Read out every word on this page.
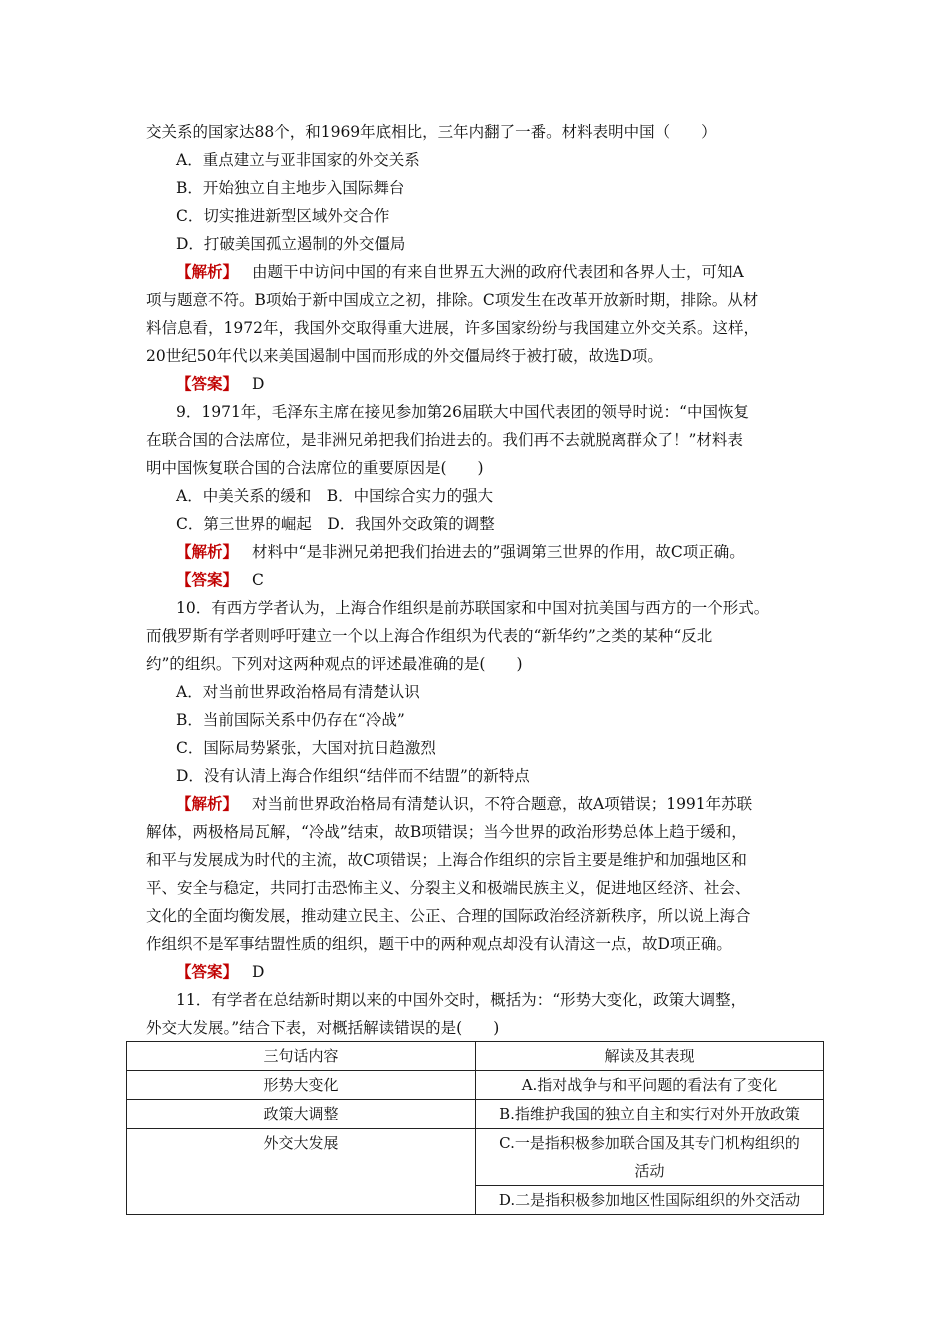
交关系的国家达88个，和1969年底相比，三年内翻了一番。材料表明中国（　　）
A．重点建立与亚非国家的外交关系
B．开始独立自主地步入国际舞台
C．切实推进新型区域外交合作
D．打破美国孤立遏制的外交僵局
【解析】 由题干中访问中国的有来自世界五大洲的政府代表团和各界人士，可知A
项与题意不符。B项始于新中国成立之初，排除。C项发生在改革开放新时期，排除。从材
料信息看，1972年，我国外交取得重大进展，许多国家纷纷与我国建立外交关系。这样，
20世纪50年代以来美国遏制中国而形成的外交僵局终于被打破，故选D项。
【答案】 D
9．1971年，毛泽东主席在接见参加第26届联大中国代表团的领导时说：“中国恢复
在联合国的合法席位，是非洲兄弟把我们抬进去的。我们再不去就脱离群众了！”材料表
明中国恢复联合国的合法席位的重要原因是(　　)
A．中美关系的缓和　B．中国综合实力的强大
C．第三世界的崛起　D．我国外交政策的调整
【解析】 材料中“是非洲兄弟把我们抬进去的”强调第三世界的作用，故C项正确。
【答案】 C
10．有西方学者认为，上海合作组织是前苏联国家和中国对抗美国与西方的一个形式。
而俄罗斯有学者则呼吁建立一个以上海合作组织为代表的“新华约”之类的某种“反北
约”的组织。下列对这两种观点的评述最准确的是(　　)
A．对当前世界政治格局有清楚认识
B．当前国际关系中仍存在“冷战”
C．国际局势紧张，大国对抗日趋激烈
D．没有认清上海合作组织“结伴而不结盟”的新特点
【解析】 对当前世界政治格局有清楚认识，不符合题意，故A项错误；1991年苏联
解体，两极格局瓦解，“冷战”结束，故B项错误；当今世界的政治形势总体上趋于缓和，
和平与发展成为时代的主流，故C项错误；上海合作组织的宗旨主要是维护和加强地区和
平、安全与稳定，共同打击恐怖主义、分裂主义和极端民族主义，促进地区经济、社会、
文化的全面均衡发展，推动建立民主、公正、合理的国际政治经济新秩序，所以说上海合
作组织不是军事结盟性质的组织，题干中的两种观点却没有认清这一点，故D项正确。
【答案】 D
11．有学者在总结新时期以来的中国外交时，概括为：“形势大变化，政策大调整，
外交大发展。”结合下表，对概括解读错误的是(　　)
三句话内容	解读及其表现
形势大变化	A.指对战争与和平问题的看法有了变化
政策大调整	B.指维护我国的独立自主和实行对外开放政策
外交大发展	C.一是指积极参加联合国及其专门机构组织的
活动

	D.二是指积极参加地区性国际组织的外交活动
